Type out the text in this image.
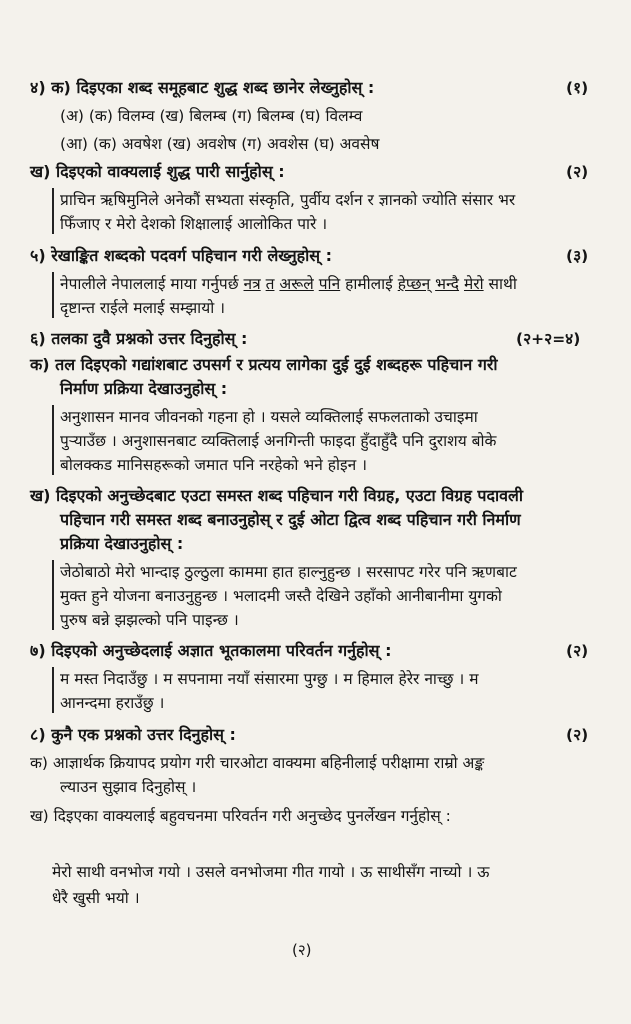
४) क) दिइएका शब्द समूहबाट शुद्ध शब्द छानेर लेख्नुहोस् :	(१)
(अ) (क) विलम्व (ख) बिलम्ब (ग) बिलम्ब (घ) विलम्व
(आ) (क) अवषेश (ख) अवशेष (ग) अवशेस (घ) अवसेष
ख) दिइएको वाक्यलाई शुद्ध पारी सार्नुहोस् :	(२)
प्राचिन ऋषिमुनिले अनेकौं सभ्यता संस्कृति, पुर्वीय दर्शन र ज्ञानको ज्योति संसार भर
फिँजाए र मेरो देशको शिक्षालाई आलोकित पारे ।
५) रेखाङ्कित शब्दको पदवर्ग पहिचान गरी लेख्नुहोस् :	(३)
नेपालीले नेपाललाई माया गर्नुपर्छ नत्र त अरूले पनि हामीलाई हेप्छन् भन्दै मेरो साथी
दृष्टान्त राईले मलाई सम्झायो ।
६) तलका दुवै प्रश्नको उत्तर दिनुहोस् :	(२+२=४)
क) तल दिइएको गद्यांशबाट उपसर्ग र प्रत्यय लागेका दुई दुई शब्दहरू पहिचान गरी
निर्माण प्रक्रिया देखाउनुहोस् :
अनुशासन मानव जीवनको गहना हो । यसले व्यक्तिलाई सफलताको उचाइमा
पुऱ्याउँछ । अनुशासनबाट व्यक्तिलाई अनगिन्ती फाइदा हुँदाहुँदै पनि दुराशय बोके
बोलक्कड मानिसहरूको जमात पनि नरहेको भने होइन ।
ख) दिइएको अनुच्छेदबाट एउटा समस्त शब्द पहिचान गरी विग्रह, एउटा विग्रह पदावली
पहिचान गरी समस्त शब्द बनाउनुहोस् र दुई ओटा द्वित्व शब्द पहिचान गरी निर्माण
प्रक्रिया देखाउनुहोस् :
जेठोबाठो मेरो भान्दाइ ठुल्ठुला काममा हात हाल्नुहुन्छ । सरसापट गरेर पनि ऋणबाट
मुक्त हुने योजना बनाउनुहुन्छ । भलादमी जस्तै देखिने उहाँको आनीबानीमा युगको
पुरुष बन्ने झझल्को पनि पाइन्छ ।
७) दिइएको अनुच्छेदलाई अज्ञात भूतकालमा परिवर्तन गर्नुहोस् :	(२)
म मस्त निदाउँछु । म सपनामा नयाँ संसारमा पुग्छु । म हिमाल हेरेर नाच्छु । म
आनन्दमा हराउँछु ।
८) कुनै एक प्रश्नको उत्तर दिनुहोस् :	(२)
क) आज्ञार्थक क्रियापद प्रयोग गरी चारओटा वाक्यमा बहिनीलाई परीक्षामा राम्रो अङ्क
ल्याउन सुझाव दिनुहोस् ।
ख) दिइएका वाक्यलाई बहुवचनमा परिवर्तन गरी अनुच्छेद पुनर्लेखन गर्नुहोस् :
मेरो साथी वनभोज गयो । उसले वनभोजमा गीत गायो । ऊ साथीसँग नाच्यो । ऊ
धेरै खुसी भयो ।
(२)
